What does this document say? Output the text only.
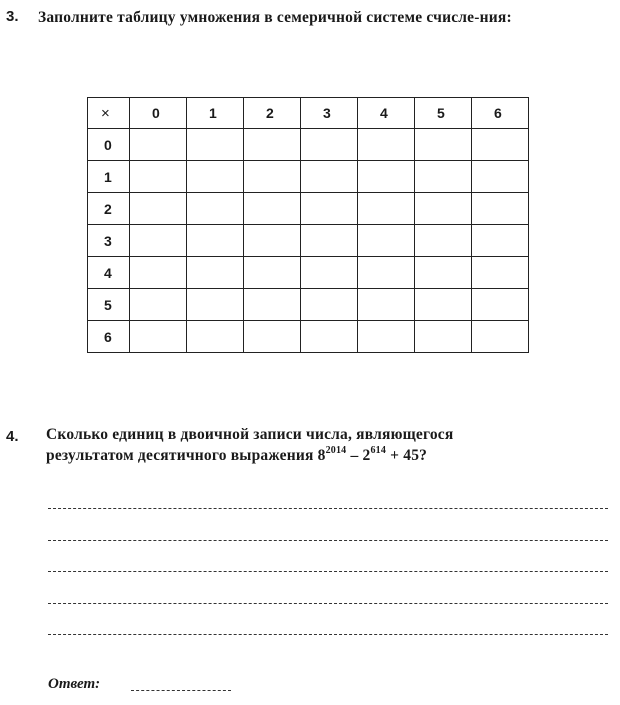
3. Заполните таблицу умножения в семеричной системе счисле-ния:
×	0	1	2	3	4	5	6
0							
1							
2							
3							
4							
5							
6							
4. Сколько единиц в двоичной записи числа, являющегося
результатом десятичного выражения $8^{2014} - 2^{614} + 45$?
Ответ:
